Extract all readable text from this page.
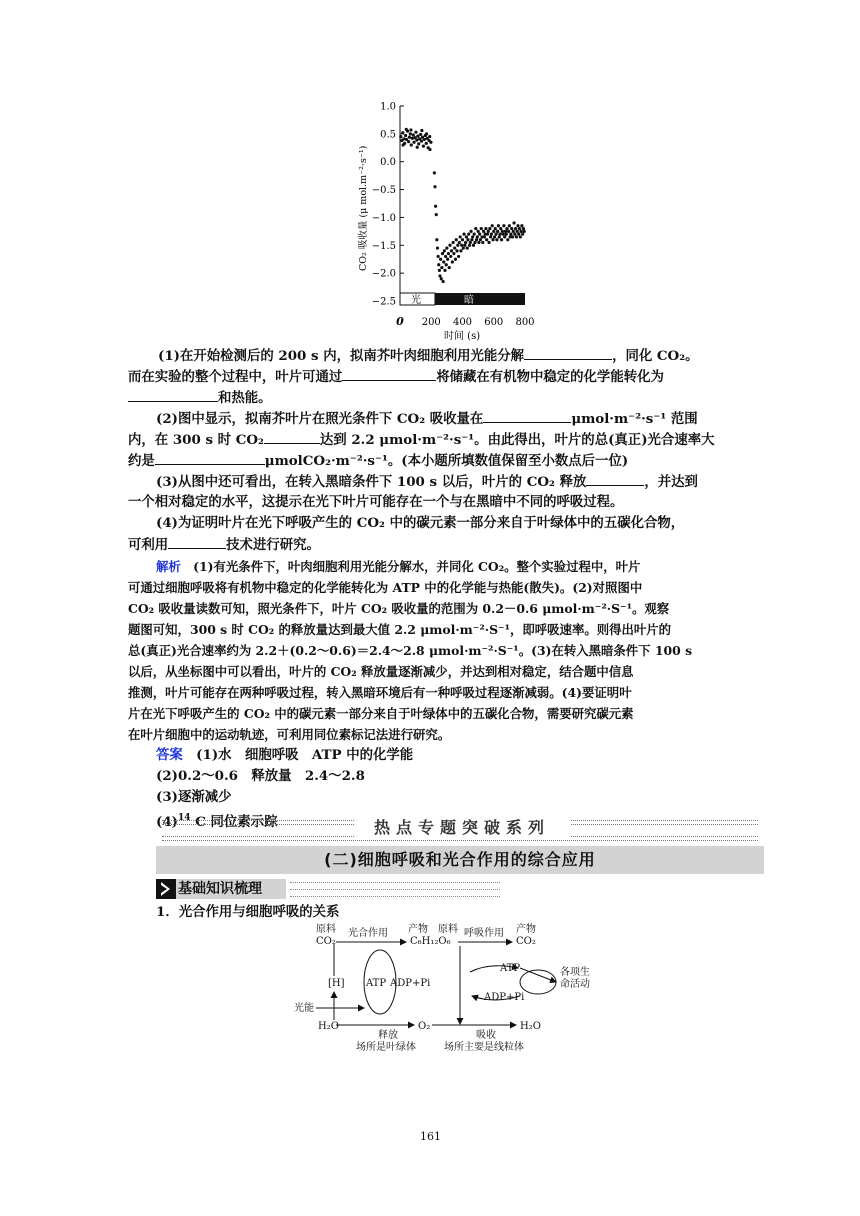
CO₂ 吸收量 (μ mol.m⁻²·s⁻¹)
1.0
0.5
0.0
−0.5
−1.0
−1.5
−2.0
−2.5 光	暗
0 200 400 600 800
时间 (s)
(1)在开始检测后的 200 s 内，拟南芥叶肉细胞利用光能分解	，同化 CO₂。
而在实验的整个过程中，叶片可通过	将储藏在有机物中稳定的化学能转化为
和热能。
(2)图中显示，拟南芥叶片在照光条件下 CO₂ 吸收量在	μmol·m⁻²·s⁻¹ 范围
内，在 300 s 时 CO₂	达到 2.2 μmol·m⁻²·s⁻¹。由此得出，叶片的总(真正)光合速率大
约是	μmolCO₂·m⁻²·s⁻¹。(本小题所填数值保留至小数点后一位)
(3)从图中还可看出，在转入黑暗条件下 100 s 以后，叶片的 CO₂ 释放	，并达到
一个相对稳定的水平，这提示在光下叶片可能存在一个与在黑暗中不同的呼吸过程。
(4)为证明叶片在光下呼吸产生的 CO₂ 中的碳元素一部分来自于叶绿体中的五碳化合物，
可利用	技术进行研究。
解析　 (1)有光条件下，叶肉细胞利用光能分解水，并同化 CO₂。整个实验过程中，叶片
可通过细胞呼吸将有机物中稳定的化学能转化为 ATP 中的化学能与热能(散失)。(2)对照图中
CO₂ 吸收量读数可知，照光条件下，叶片 CO₂ 吸收量的范围为 0.2－0.6 μmol·m⁻²·S⁻¹。观察
题图可知，300 s 时 CO₂ 的释放量达到最大值 2.2 μmol·m⁻²·S⁻¹，即呼吸速率。则得出叶片的
总(真正)光合速率约为 2.2＋(0.2～0.6)＝2.4～2.8 μmol·m⁻²·S⁻¹。(3)在转入黑暗条件下 100 s
以后，从坐标图中可以看出，叶片的 CO₂ 释放量逐渐减少，并达到相对稳定，结合题中信息
推测，叶片可能存在两种呼吸过程，转入黑暗环境后有一种呼吸过程逐渐减弱。(4)要证明叶
片在光下呼吸产生的 CO₂ 中的碳元素一部分来自于叶绿体中的五碳化合物，需要研究碳元素
在叶片细胞中的运动轨迹，可利用同位素标记法进行研究。
答案　 (1)水　细胞呼吸　ATP 中的化学能
(2)0.2～0.6　释放量　2.4～2.8
(3)逐渐减少
$(4)^{14}$ C 同位素示踪	热点专题突破系列
(二)细胞呼吸和光合作用的综合应用
基础知识梳理
1．光合作用与细胞呼吸的关系
原料
CO₂
光合作用 产物
C₆H₁₂O₆
原料 呼吸作用 产物
CO₂
[H] ATP ADP+Pi
ATP
ADP+Pi
各项生
命活动
光能
H₂O	O₂	H₂O
释放	吸收
场所是叶绿体	场所主要是线粒体
161
